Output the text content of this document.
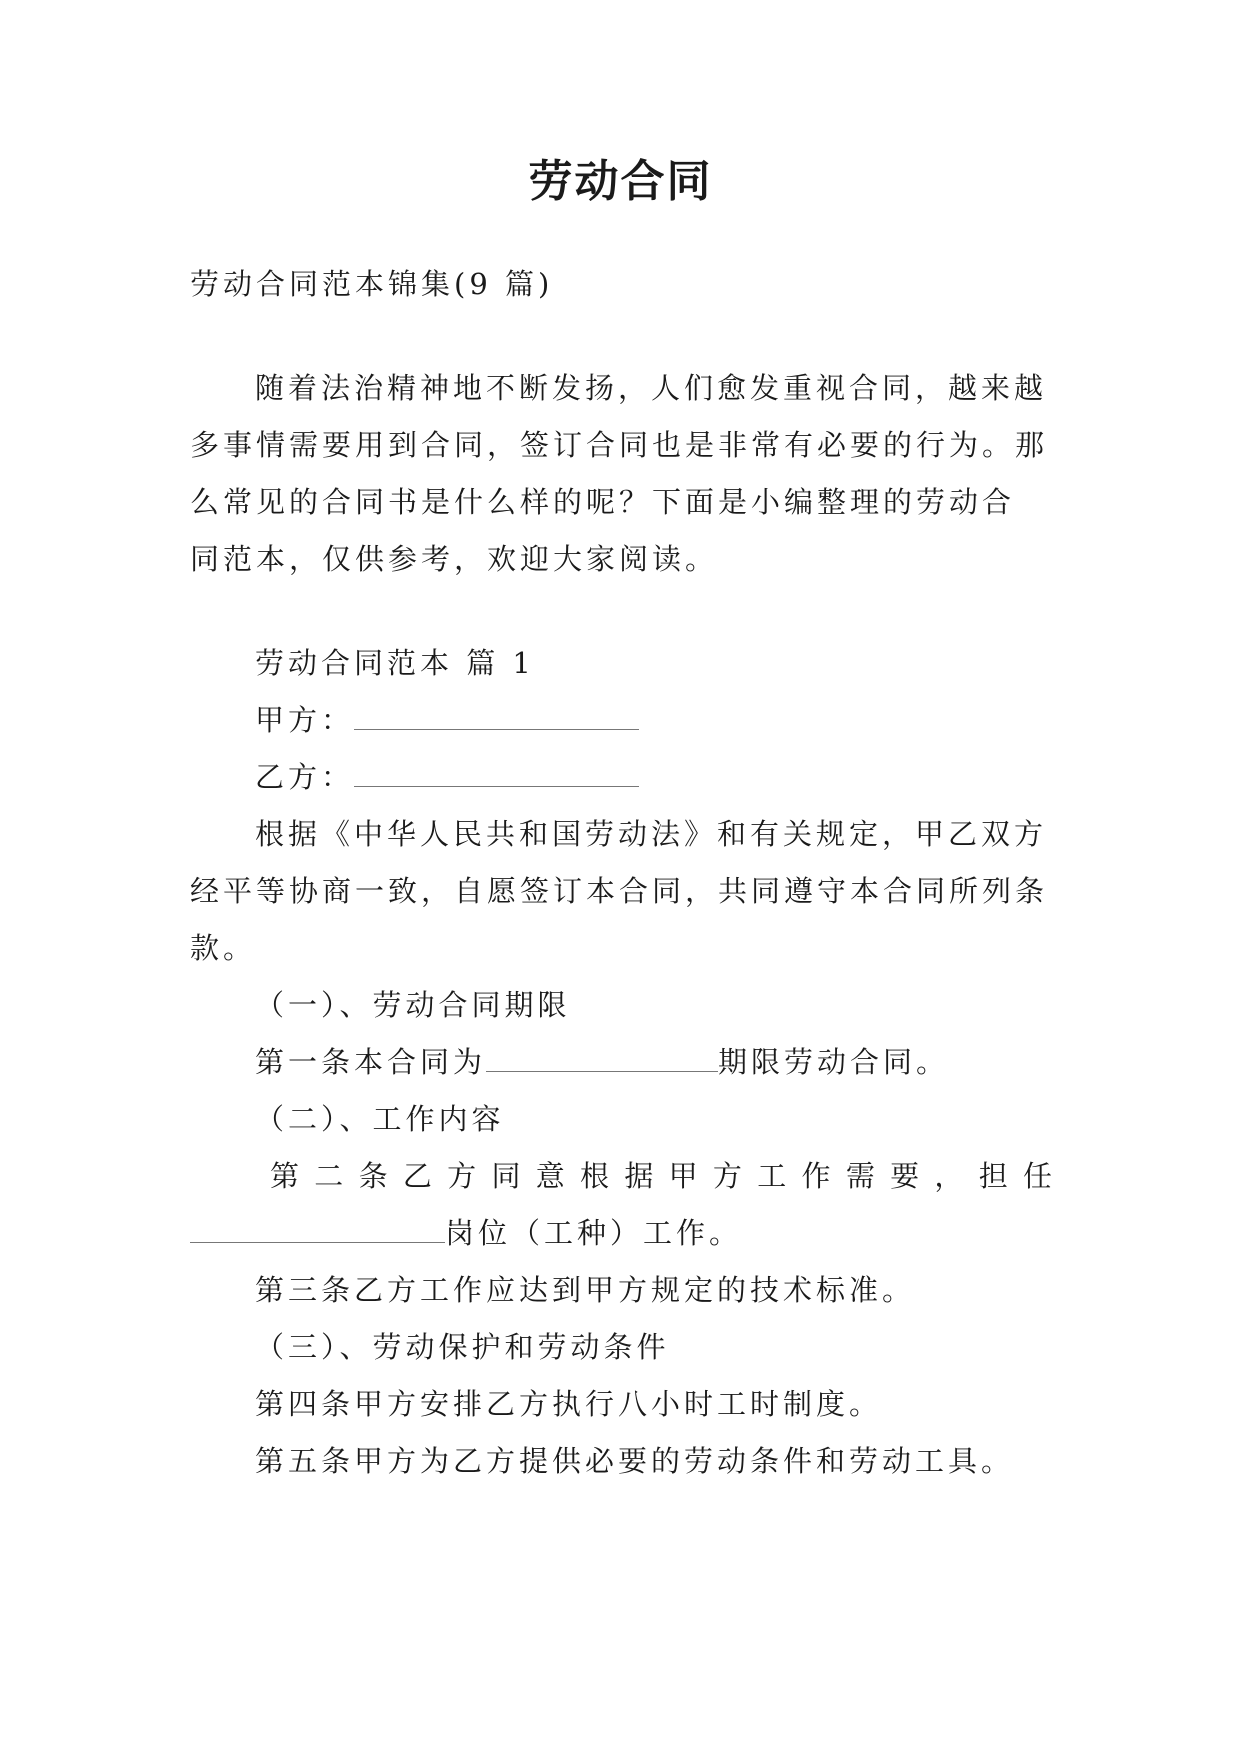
劳动合同
劳动合同范本锦集(9 篇)
随着法治精神地不断发扬，人们愈发重视合同，越来越
多事情需要用到合同，签订合同也是非常有必要的行为。那
么常见的合同书是什么样的呢？下面是小编整理的劳动合
同范本，仅供参考，欢迎大家阅读。
劳动合同范本 篇 1
甲方：
乙方：
根据《中华人民共和国劳动法》和有关规定，甲乙双方
经平等协商一致，自愿签订本合同，共同遵守本合同所列条
款。
（一）、劳动合同期限
第一条本合同为	期限劳动合同。
（二）、工作内容
第 二 条 乙 方 同 意 根 据 甲 方 工 作 需 要 ， 担 任
岗位（工种）工作。
第三条乙方工作应达到甲方规定的技术标准。
（三）、劳动保护和劳动条件
第四条甲方安排乙方执行八小时工时制度。
第五条甲方为乙方提供必要的劳动条件和劳动工具。
